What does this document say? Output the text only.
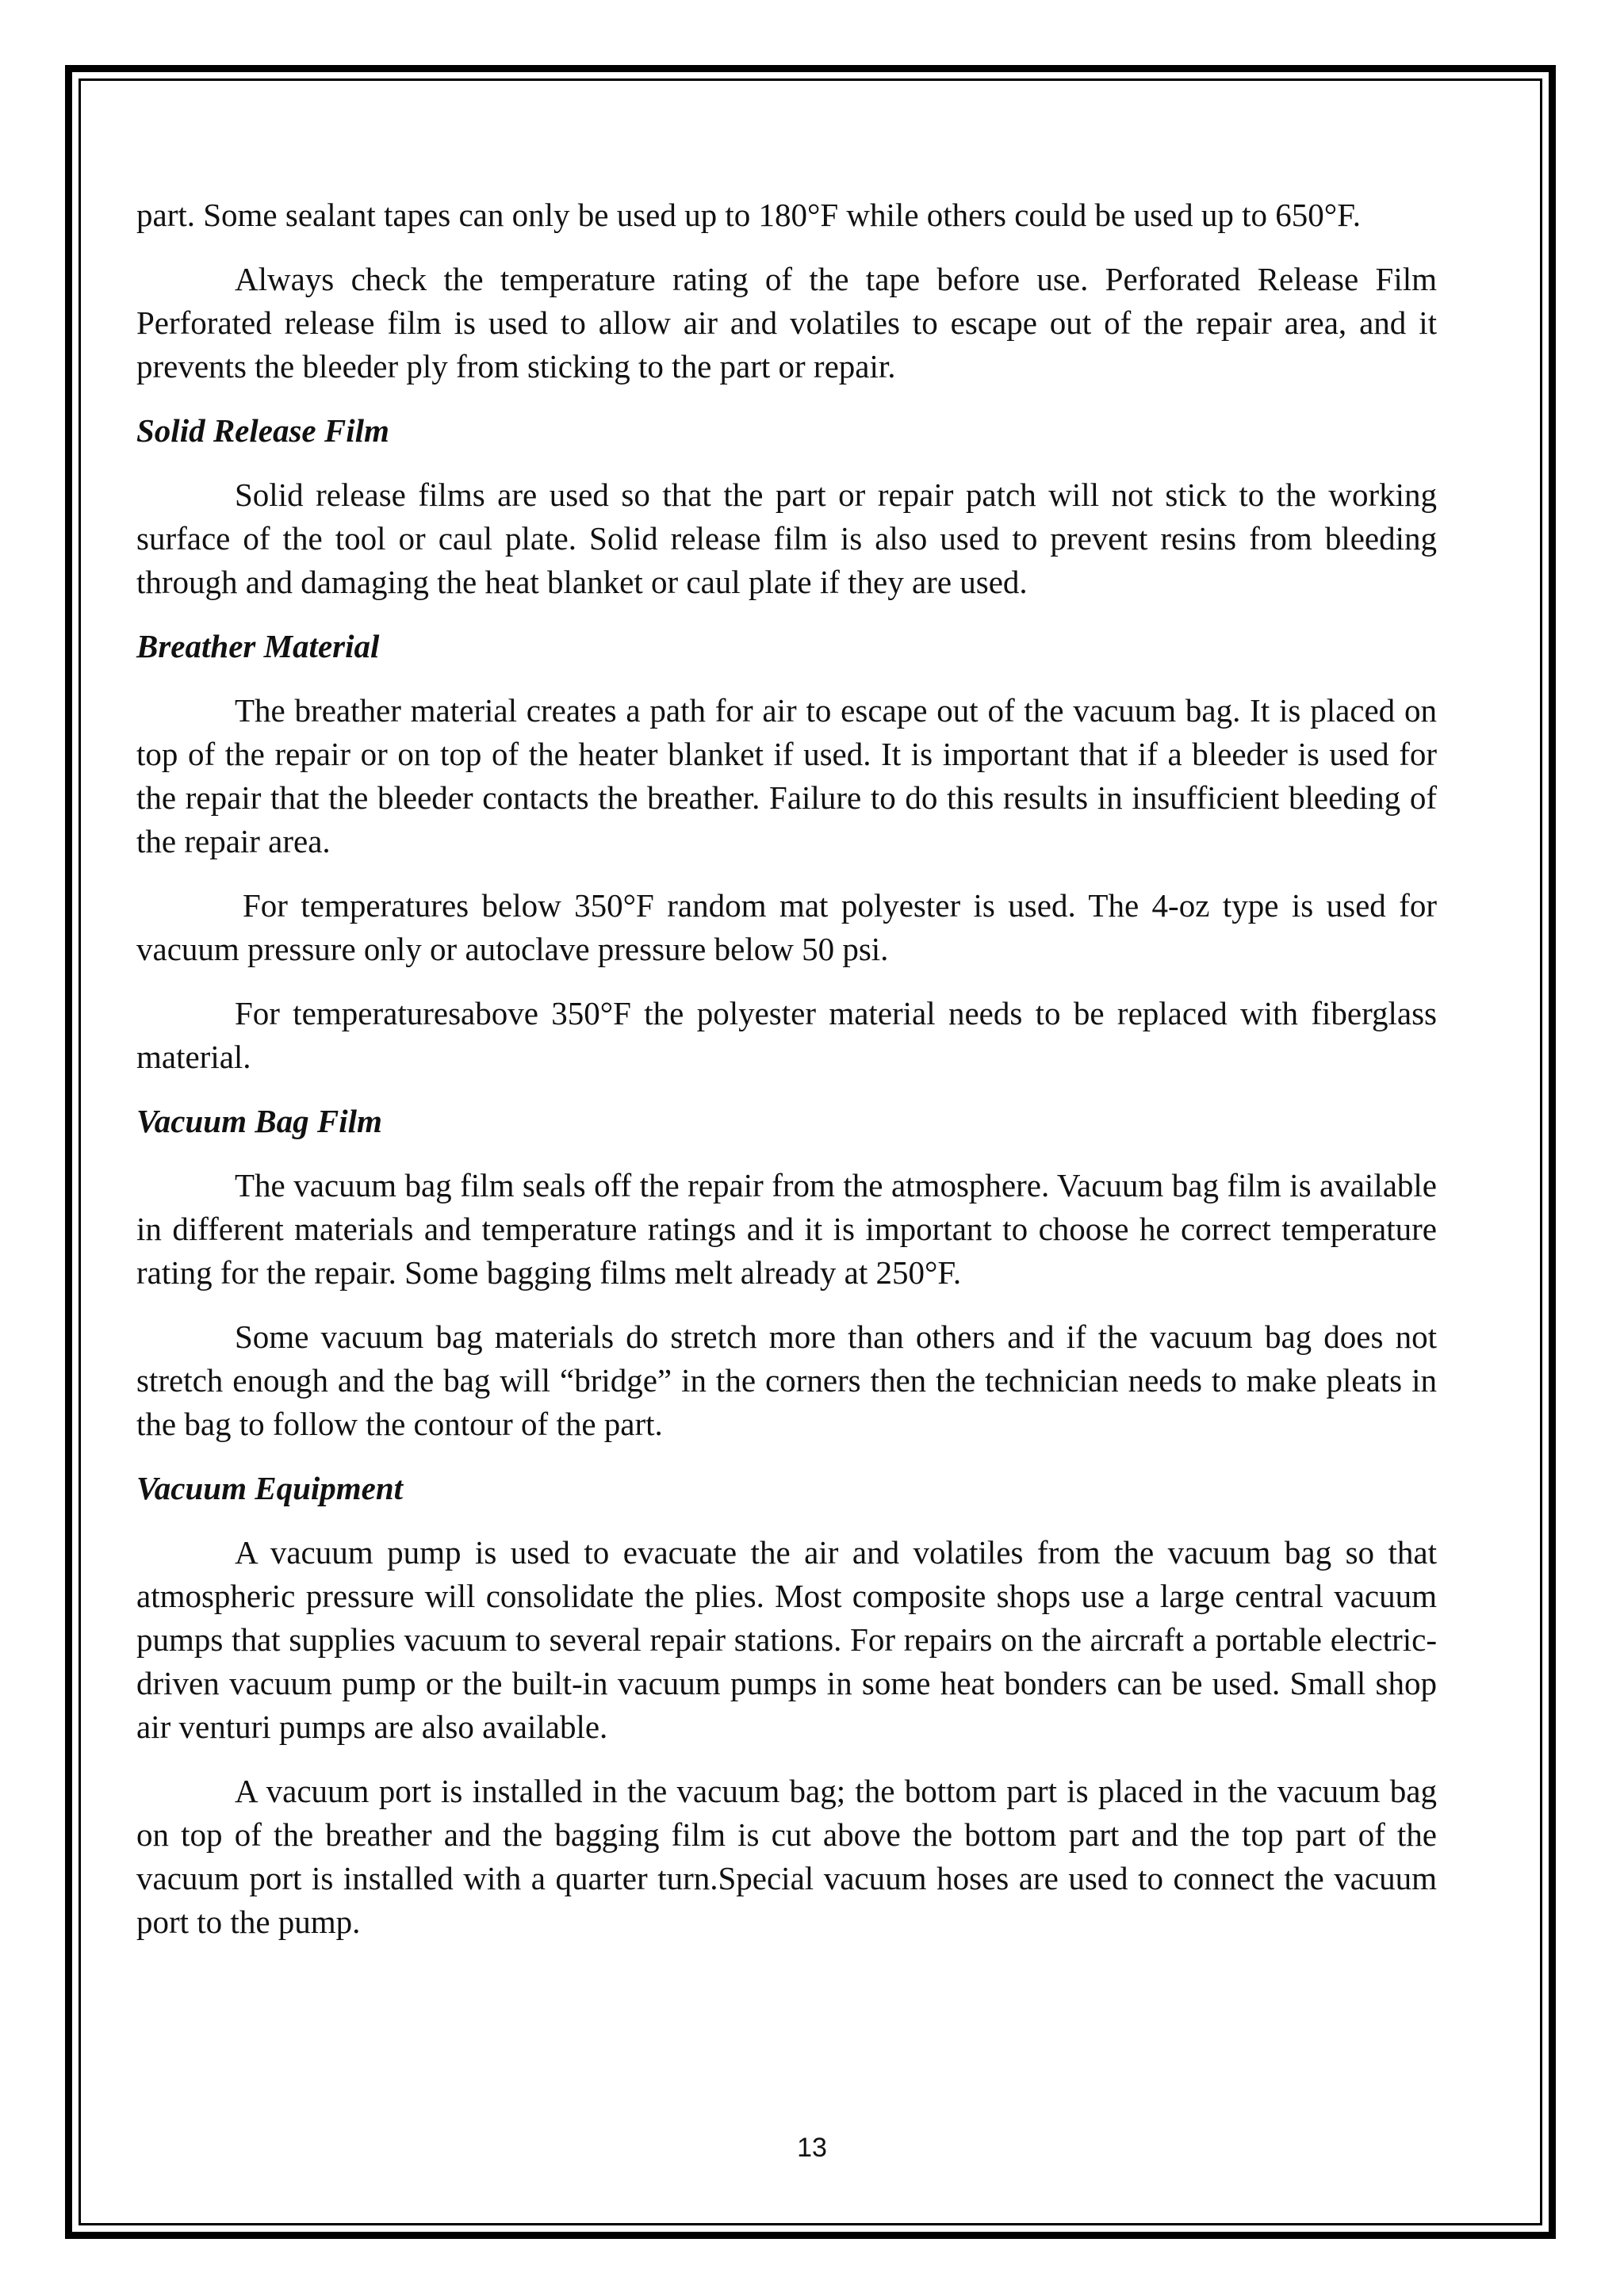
part. Some sealant tapes can only be used up to 180°F while others could be used up to 650°F.

Always check the temperature rating of the tape before use. Perforated Release Film Perforated release film is used to allow air and volatiles to escape out of the repair area, and it prevents the bleeder ply from sticking to the part or repair.

Solid Release Film

Solid release films are used so that the part or repair patch will not stick to the working surface of the tool or caul plate. Solid release film is also used to prevent resins from bleeding through and damaging the heat blanket or caul plate if they are used.

Breather Material

The breather material creates a path for air to escape out of the vacuum bag. It is placed on top of the repair or on top of the heater blanket if used. It is important that if a bleeder is used for the repair that the bleeder contacts the breather. Failure to do this results in insufficient bleeding of the repair area.

For temperatures below 350°F random mat polyester is used. The 4-oz type is used for vacuum pressure only or autoclave pressure below 50 psi.

For temperaturesabove 350°F the polyester material needs to be replaced with fiberglass material.

Vacuum Bag Film

The vacuum bag film seals off the repair from the atmosphere. Vacuum bag film is available in different materials and temperature ratings and it is important to choose he correct temperature rating for the repair. Some bagging films melt already at 250°F.

Some vacuum bag materials do stretch more than others and if the vacuum bag does not stretch enough and the bag will “bridge” in the corners then the technician needs to make pleats in the bag to follow the contour of the part.

Vacuum Equipment

A vacuum pump is used to evacuate the air and volatiles from the vacuum bag so that atmospheric pressure will consolidate the plies. Most composite shops use a large central vacuum pumps that supplies vacuum to several repair stations. For repairs on the aircraft a portable electric-driven vacuum pump or the built-in vacuum pumps in some heat bonders can be used. Small shop air venturi pumps are also available.

A vacuum port is installed in the vacuum bag; the bottom part is placed in the vacuum bag on top of the breather and the bagging film is cut above the bottom part and the top part of the vacuum port is installed with a quarter turn.Special vacuum hoses are used to connect the vacuum port to the pump.

13
